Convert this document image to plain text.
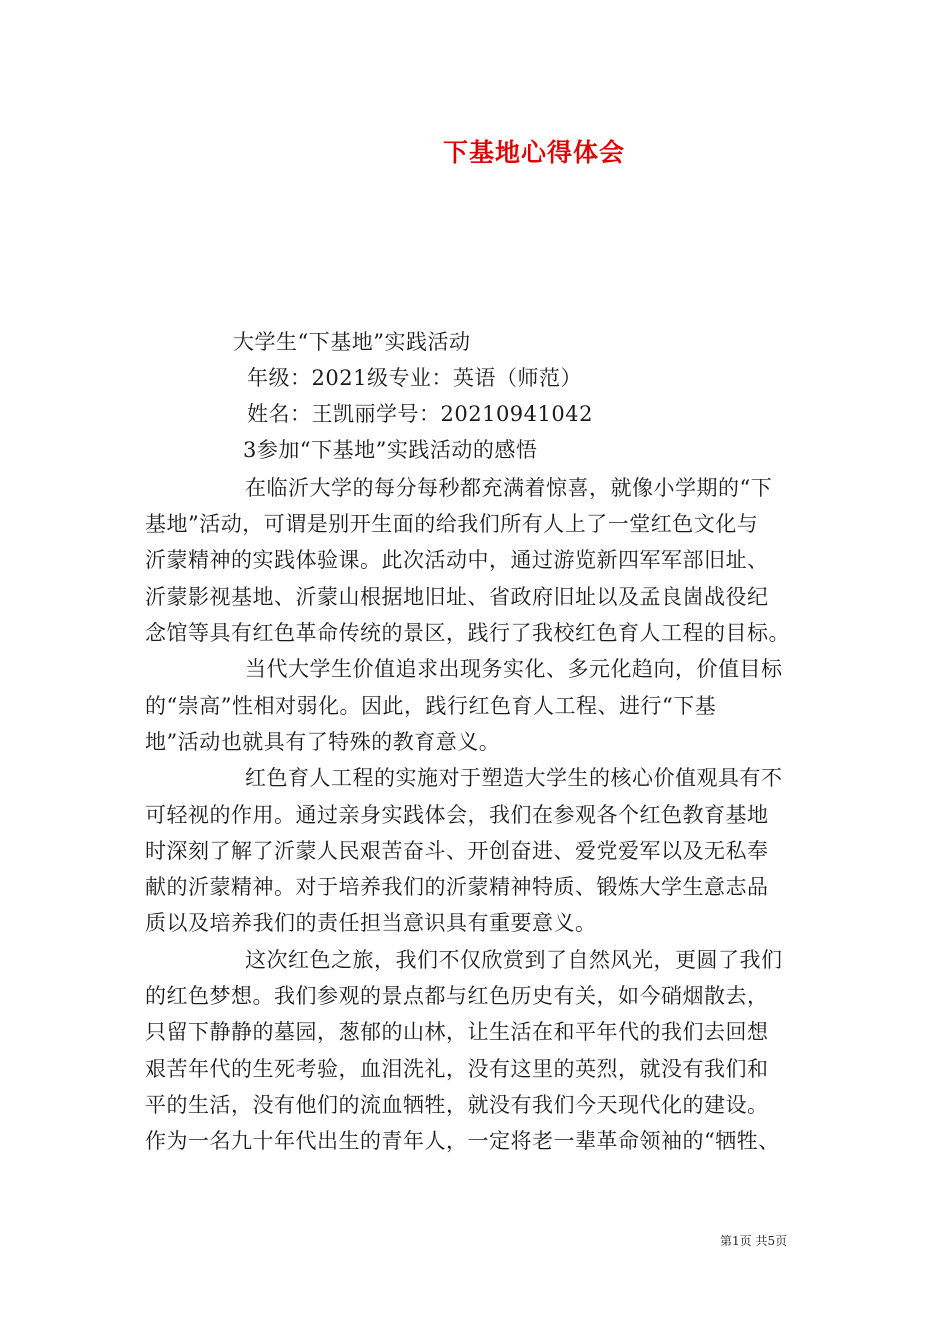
下基地心得体会
大学生“下基地”实践活动
年级：2021级专业：英语（师范）
姓名：王凯丽学号：20210941042
3参加“下基地”实践活动的感悟
在临沂大学的每分每秒都充满着惊喜，就像小学期的“下
基地”活动，可谓是别开生面的给我们所有人上了一堂红色文化与
沂蒙精神的实践体验课。此次活动中，通过游览新四军军部旧址、
沂蒙影视基地、沂蒙山根据地旧址、省政府旧址以及孟良崮战役纪
念馆等具有红色革命传统的景区，践行了我校红色育人工程的目标。
当代大学生价值追求出现务实化、多元化趋向，价值目标
的“崇高”性相对弱化。因此，践行红色育人工程、进行“下基
地”活动也就具有了特殊的教育意义。
红色育人工程的实施对于塑造大学生的核心价值观具有不
可轻视的作用。通过亲身实践体会，我们在参观各个红色教育基地
时深刻了解了沂蒙人民艰苦奋斗、开创奋进、爱党爱军以及无私奉
献的沂蒙精神。对于培养我们的沂蒙精神特质、锻炼大学生意志品
质以及培养我们的责任担当意识具有重要意义。
这次红色之旅，我们不仅欣赏到了自然风光，更圆了我们
的红色梦想。我们参观的景点都与红色历史有关，如今硝烟散去，
只留下静静的墓园，葱郁的山林，让生活在和平年代的我们去回想
艰苦年代的生死考验，血泪洗礼，没有这里的英烈，就没有我们和
平的生活，没有他们的流血牺牲，就没有我们今天现代化的建设。
作为一名九十年代出生的青年人，一定将老一辈革命领袖的“牺牲、
第1页 共5页
